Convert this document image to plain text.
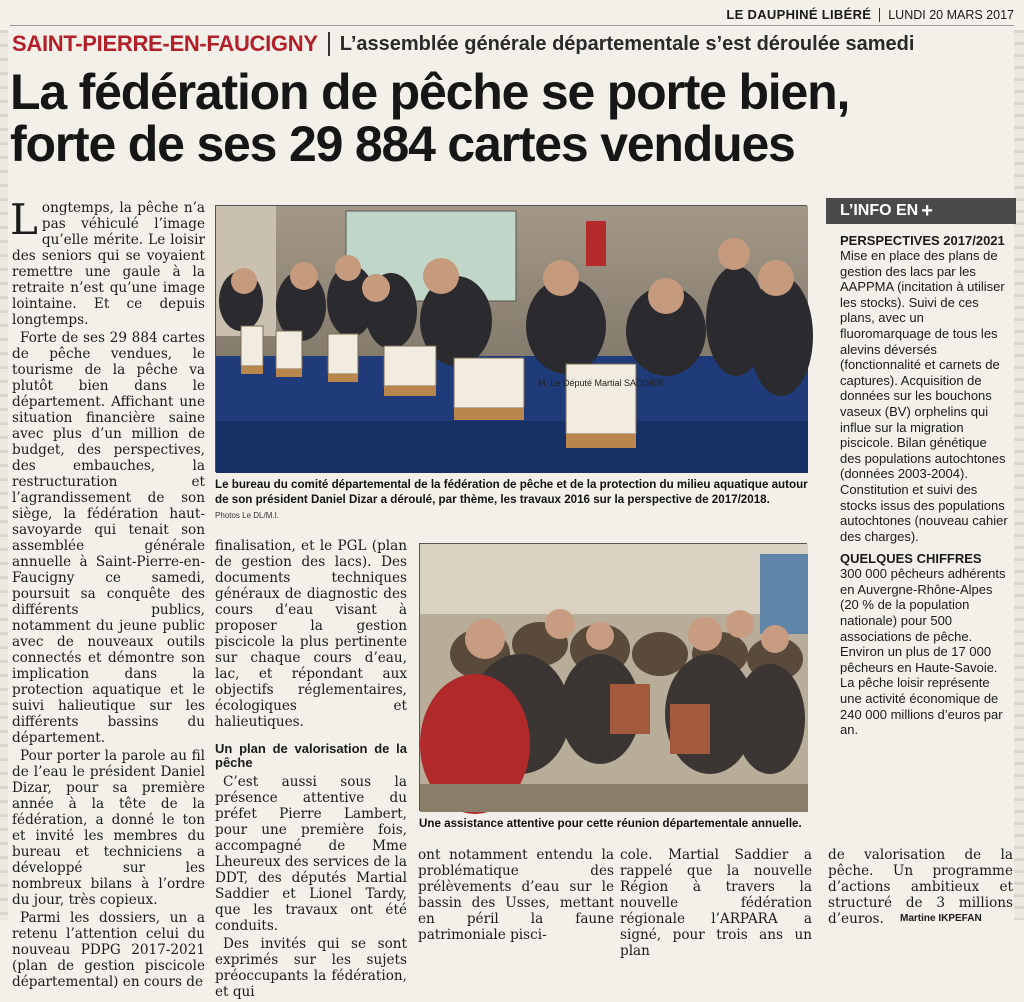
LE DAUPHINÉ LIBÉRÉ LUNDI 20 MARS 2017
SAINT-PIERRE-EN-FAUCIGNY L’assemblée générale départementale s’est déroulée samedi
La fédération de pêche se porte bien,
forte de ses 29 884 cartes vendues

Longtemps, la pêche n’a pas véhiculé l’image qu’elle mérite. Le loisir des seniors qui se voyaient remettre une gaule à la retraite n’est qu’une image lointaine. Et ce depuis longtemps.

Forte de ses 29 884 cartes de pêche vendues, le tourisme de la pêche va plutôt bien dans le département. Affichant une situation financière saine avec plus d’un million de budget, des perspectives, des embauches, la restructuration et l’agrandissement de son siège, la fédération haut-savoyarde qui tenait son assemblée générale annuelle à Saint-Pierre-en-Faucigny ce samedi, poursuit sa conquête des différents publics, notamment du jeune public avec de nouveaux outils connectés et démontre son implication dans la protection aquatique et le suivi halieutique sur les différents bassins du département.

Pour porter la parole au fil de l’eau le président Daniel Dizar, pour sa première année à la tête de la fédération, a donné le ton et invité les membres du bureau et techniciens a développé sur les nombreux bilans à l’ordre du jour, très copieux.

Parmi les dossiers, un a retenu l’attention celui du nouveau PDPG 2017-2021 (plan de gestion piscicole départemental) en cours de

M. Le Député Martial SADDIER
Le bureau du comité départemental de la fédération de pêche et de la protection du milieu aquatique autour de son président Daniel Dizar a déroulé, par thème, les travaux 2016 sur la perspective de 2017/2018.
Photos Le DL/M.I.

finalisation, et le PGL (plan de gestion des lacs). Des documents techniques généraux de diagnostic des cours d’eau visant à proposer la gestion piscicole la plus pertinente sur chaque cours d’eau, lac, et répondant aux objectifs réglementaires, écologiques et halieutiques.

Un plan de valorisation de la pêche

C’est aussi sous la présence attentive du préfet Pierre Lambert, pour une première fois, accompagné de Mme Lheureux des services de la DDT, des députés Martial Saddier et Lionel Tardy, que les travaux ont été conduits.

Des invités qui se sont exprimés sur les sujets préoccupants la fédération, et qui

Une assistance attentive pour cette réunion départementale annuelle.
ont notamment entendu la problématique des prélèvements d’eau sur le bassin des Usses, mettant en péril la faune patrimoniale pisci-
cole. Martial Saddier a rappelé que la nouvelle Région à travers la nouvelle fédération régionale l’ARPARA a signé, pour trois ans un plan
de valorisation de la pêche. Un programme d’actions ambitieux et structuré de 3 millions d’euros.	Martine IKPEFAN
L’INFO EN +
PERSPECTIVES 2017/2021

Mise en place des plans de gestion des lacs par les AAPPMA (incitation à utiliser les stocks). Suivi de ces plans, avec un fluoromarquage de tous les alevins déversés (fonctionnalité et carnets de captures). Acquisition de données sur les bouchons vaseux (BV) orphelins qui influe sur la migration piscicole. Bilan génétique des populations autochtones (données 2003-2004). Constitution et suivi des stocks issus des populations autochtones (nouveau cahier des charges).

QUELQUES CHIFFRES

300 000 pêcheurs adhérents en Auvergne-Rhône-Alpes (20 % de la population nationale) pour 500 associations de pêche. Environ un plus de 17 000 pêcheurs en Haute-Savoie. La pêche loisir représente une activité économique de 240 000 millions d’euros par an.
